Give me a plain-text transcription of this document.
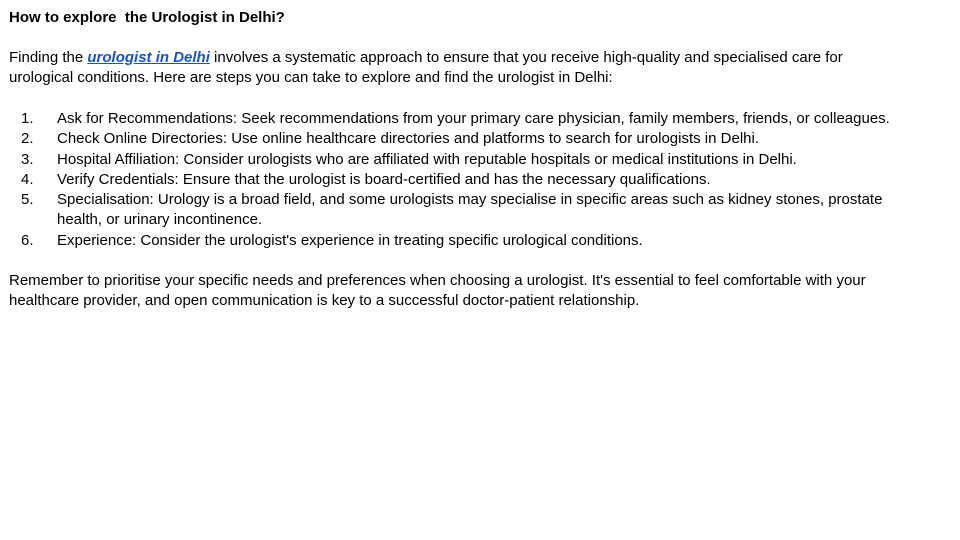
How to explore  the Urologist in Delhi?

Finding the urologist in Delhi involves a systematic approach to ensure that you receive high-quality and specialised care for urological conditions. Here are steps you can take to explore and find the urologist in Delhi:

1.	Ask for Recommendations: Seek recommendations from your primary care physician, family members, friends, or colleagues.
2.	Check Online Directories: Use online healthcare directories and platforms to search for urologists in Delhi.
3.	Hospital Affiliation: Consider urologists who are affiliated with reputable hospitals or medical institutions in Delhi.
4.	Verify Credentials: Ensure that the urologist is board-certified and has the necessary qualifications.
5.	Specialisation: Urology is a broad field, and some urologists may specialise in specific areas such as kidney stones, prostate health, or urinary incontinence.
6.	Experience: Consider the urologist's experience in treating specific urological conditions.

Remember to prioritise your specific needs and preferences when choosing a urologist. It's essential to feel comfortable with your healthcare provider, and open communication is key to a successful doctor-patient relationship.
